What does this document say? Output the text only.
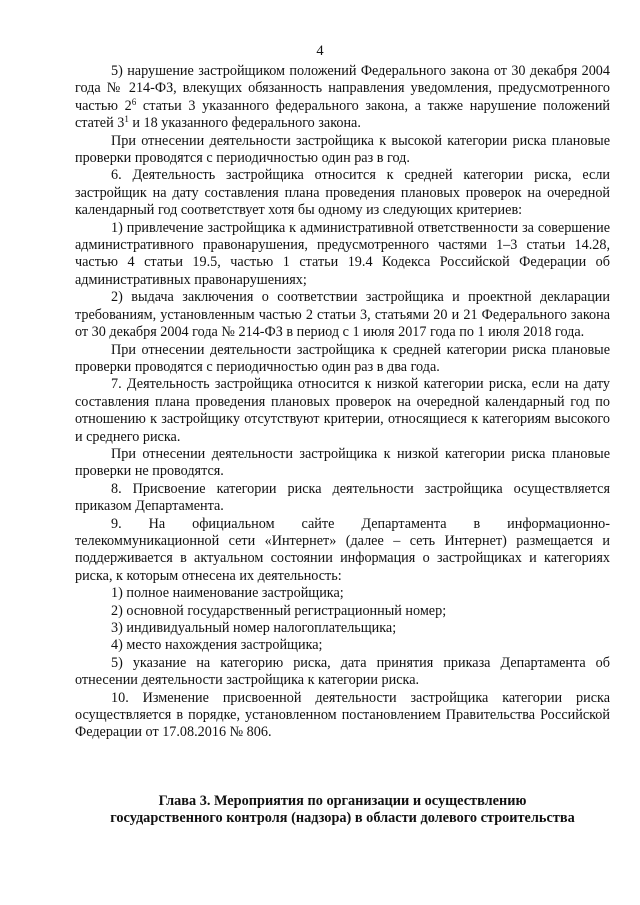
4

5) нарушение застройщиком положений Федерального закона от 30 декабря 2004 года № 214-ФЗ, влекущих обязанность направления уведомления, предусмотренного частью $2^6$ статьи 3 указанного федерального закона, а также нарушение положений статей $3^1$ и 18 указанного федерального закона.

При отнесении деятельности застройщика к высокой категории риска плановые проверки проводятся с периодичностью один раз в год.

6. Деятельность застройщика относится к средней категории риска, если застройщик на дату составления плана проведения плановых проверок на очередной календарный год соответствует хотя бы одному из следующих критериев:

1) привлечение застройщика к административной ответственности за совершение административного правонарушения, предусмотренного частями 1–3 статьи 14.28, частью 4 статьи 19.5, частью 1 статьи 19.4 Кодекса Российской Федерации об административных правонарушениях;

2) выдача заключения о соответствии застройщика и проектной декларации требованиям, установленным частью 2 статьи 3, статьями 20 и 21 Федерального закона от 30 декабря 2004 года № 214-ФЗ в период с 1 июля 2017 года по 1 июля 2018 года.

При отнесении деятельности застройщика к средней категории риска плановые проверки проводятся с периодичностью один раз в два года.

7. Деятельность застройщика относится к низкой категории риска, если на дату составления плана проведения плановых проверок на очередной календарный год по отношению к застройщику отсутствуют критерии, относящиеся к категориям высокого и среднего риска.

При отнесении деятельности застройщика к низкой категории риска плановые проверки не проводятся.

8. Присвоение категории риска деятельности застройщика осуществляется приказом Департамента.

9. На официальном сайте Департамента в информационно-телекоммуникационной сети «Интернет» (далее – сеть Интернет) размещается и поддерживается в актуальном состоянии информация о застройщиках и категориях риска, к которым отнесена их деятельность:

1) полное наименование застройщика;

2) основной государственный регистрационный номер;

3) индивидуальный номер налогоплательщика;

4) место нахождения застройщика;

5) указание на категорию риска, дата принятия приказа Департамента об отнесении деятельности застройщика к категории риска.

10. Изменение присвоенной деятельности застройщика категории риска осуществляется в порядке, установленном постановлением Правительства Российской Федерации от 17.08.2016 № 806.

Глава 3. Мероприятия по организации и осуществлению
государственного контроля (надзора) в области долевого строительства
